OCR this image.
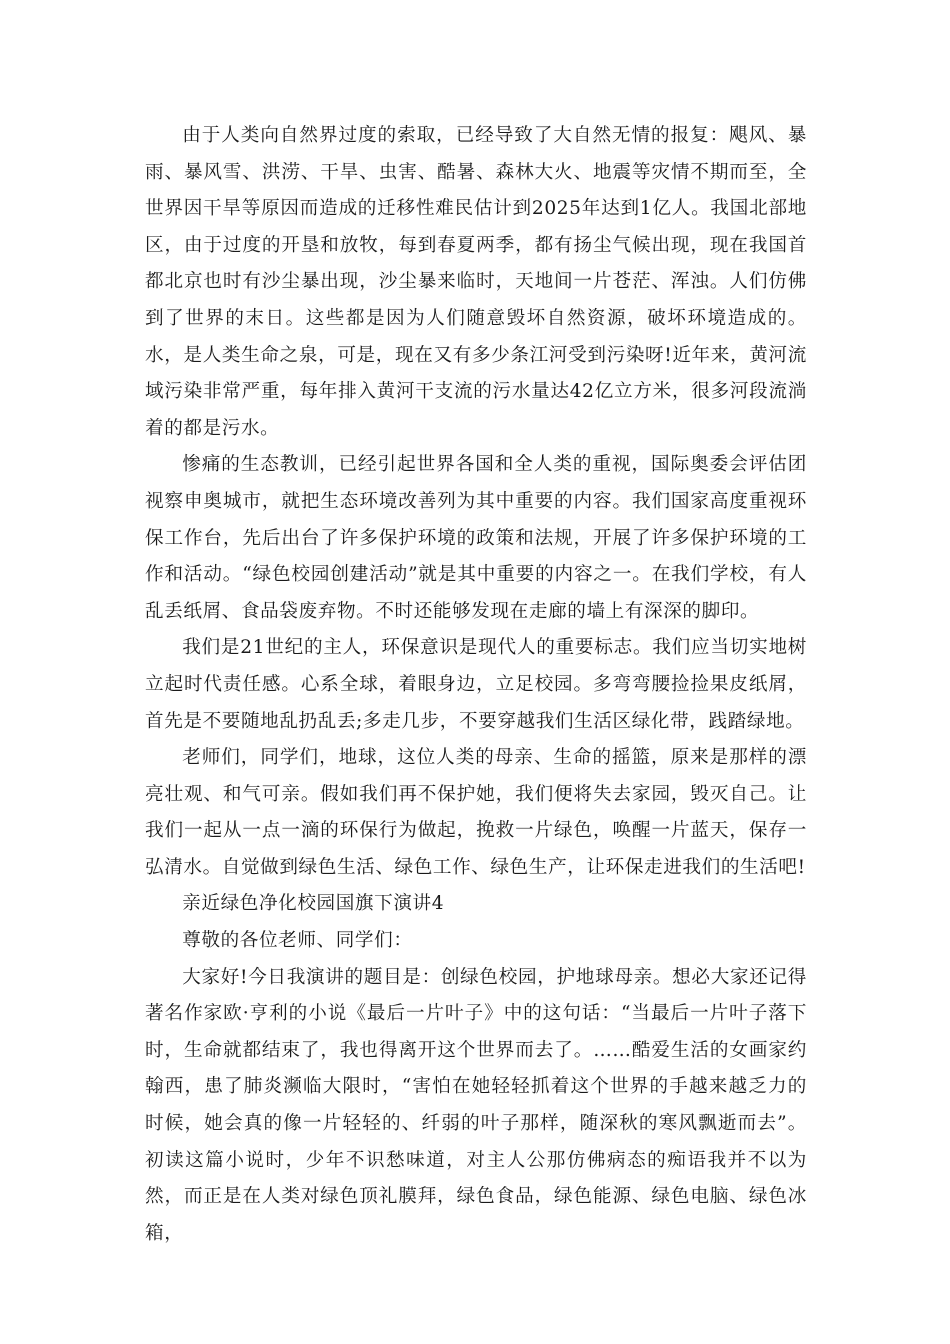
由于人类向自然界过度的索取，已经导致了大自然无情的报复：飓风、暴雨、暴风雪、洪涝、干旱、虫害、酷暑、森林大火、地震等灾情不期而至，全世界因干旱等原因而造成的迁移性难民估计到2025年达到1亿人。我国北部地区，由于过度的开垦和放牧，每到春夏两季，都有扬尘气候出现，现在我国首都北京也时有沙尘暴出现，沙尘暴来临时，天地间一片苍茫、浑浊。人们仿佛到了世界的末日。这些都是因为人们随意毁坏自然资源，破坏环境造成的。水，是人类生命之泉，可是，现在又有多少条江河受到污染呀!近年来，黄河流域污染非常严重，每年排入黄河干支流的污水量达42亿立方米，很多河段流淌着的都是污水。

惨痛的生态教训，已经引起世界各国和全人类的重视，国际奥委会评估团视察申奥城市，就把生态环境改善列为其中重要的内容。我们国家高度重视环保工作台，先后出台了许多保护环境的政策和法规，开展了许多保护环境的工作和活动。“绿色校园创建活动”就是其中重要的内容之一。在我们学校，有人乱丢纸屑、食品袋废弃物。不时还能够发现在走廊的墙上有深深的脚印。

我们是21世纪的主人，环保意识是现代人的重要标志。我们应当切实地树立起时代责任感。心系全球，着眼身边，立足校园。多弯弯腰捡捡果皮纸屑，首先是不要随地乱扔乱丢;多走几步，不要穿越我们生活区绿化带，践踏绿地。

老师们，同学们，地球，这位人类的母亲、生命的摇篮，原来是那样的漂亮壮观、和气可亲。假如我们再不保护她，我们便将失去家园，毁灭自己。让我们一起从一点一滴的环保行为做起，挽救一片绿色，唤醒一片蓝天，保存一弘清水。自觉做到绿色生活、绿色工作、绿色生产，让环保走进我们的生活吧!

亲近绿色净化校园国旗下演讲4

尊敬的各位老师、同学们：

大家好!今日我演讲的题目是：创绿色校园，护地球母亲。想必大家还记得著名作家欧·亨利的小说《最后一片叶子》中的这句话：“当最后一片叶子落下时，生命就都结束了，我也得离开这个世界而去了。……酷爱生活的女画家约翰西，患了肺炎濒临大限时，“害怕在她轻轻抓着这个世界的手越来越乏力的时候，她会真的像一片轻轻的、纤弱的叶子那样，随深秋的寒风飘逝而去”。初读这篇小说时，少年不识愁味道，对主人公那仿佛病态的痴语我并不以为然，而正是在人类对绿色顶礼膜拜，绿色食品，绿色能源、绿色电脑、绿色冰箱，
